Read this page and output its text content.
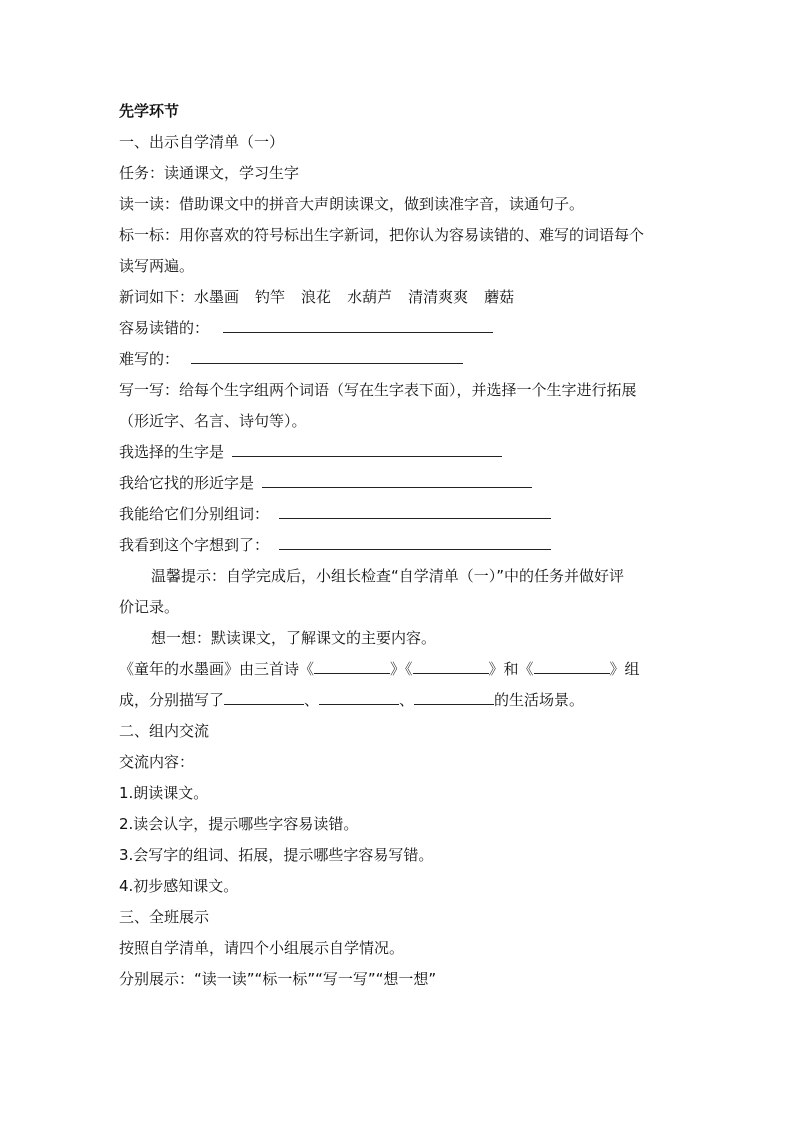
先学环节
一、出示自学清单（一）
任务：读通课文，学习生字
读一读：借助课文中的拼音大声朗读课文，做到读准字音，读通句子。
标一标：用你喜欢的符号标出生字新词，把你认为容易读错的、难写的词语每个
读写两遍。
新词如下：水墨画 钓竿 浪花 水葫芦 清清爽爽 蘑菇
容易读错的：
难写的：
写一写：给每个生字组两个词语（写在生字表下面），并选择一个生字进行拓展
（形近字、名言、诗句等）。
我选择的生字是
我给它找的形近字是
我能给它们分别组词：
我看到这个字想到了：
温馨提示：自学完成后，小组长检查“自学清单（一）”中的任务并做好评
价记录。
想一想：默读课文，了解课文的主要内容。
《童年的水墨画》由三首诗《	》《	》和《	》组
成，分别描写了	、	、	的生活场景。
二、组内交流
交流内容：
1.朗读课文。
2.读会认字，提示哪些字容易读错。
3.会写字的组词、拓展，提示哪些字容易写错。
4.初步感知课文。
三、全班展示
按照自学清单，请四个小组展示自学情况。
分别展示：“读一读”“标一标”“写一写”“想一想”
